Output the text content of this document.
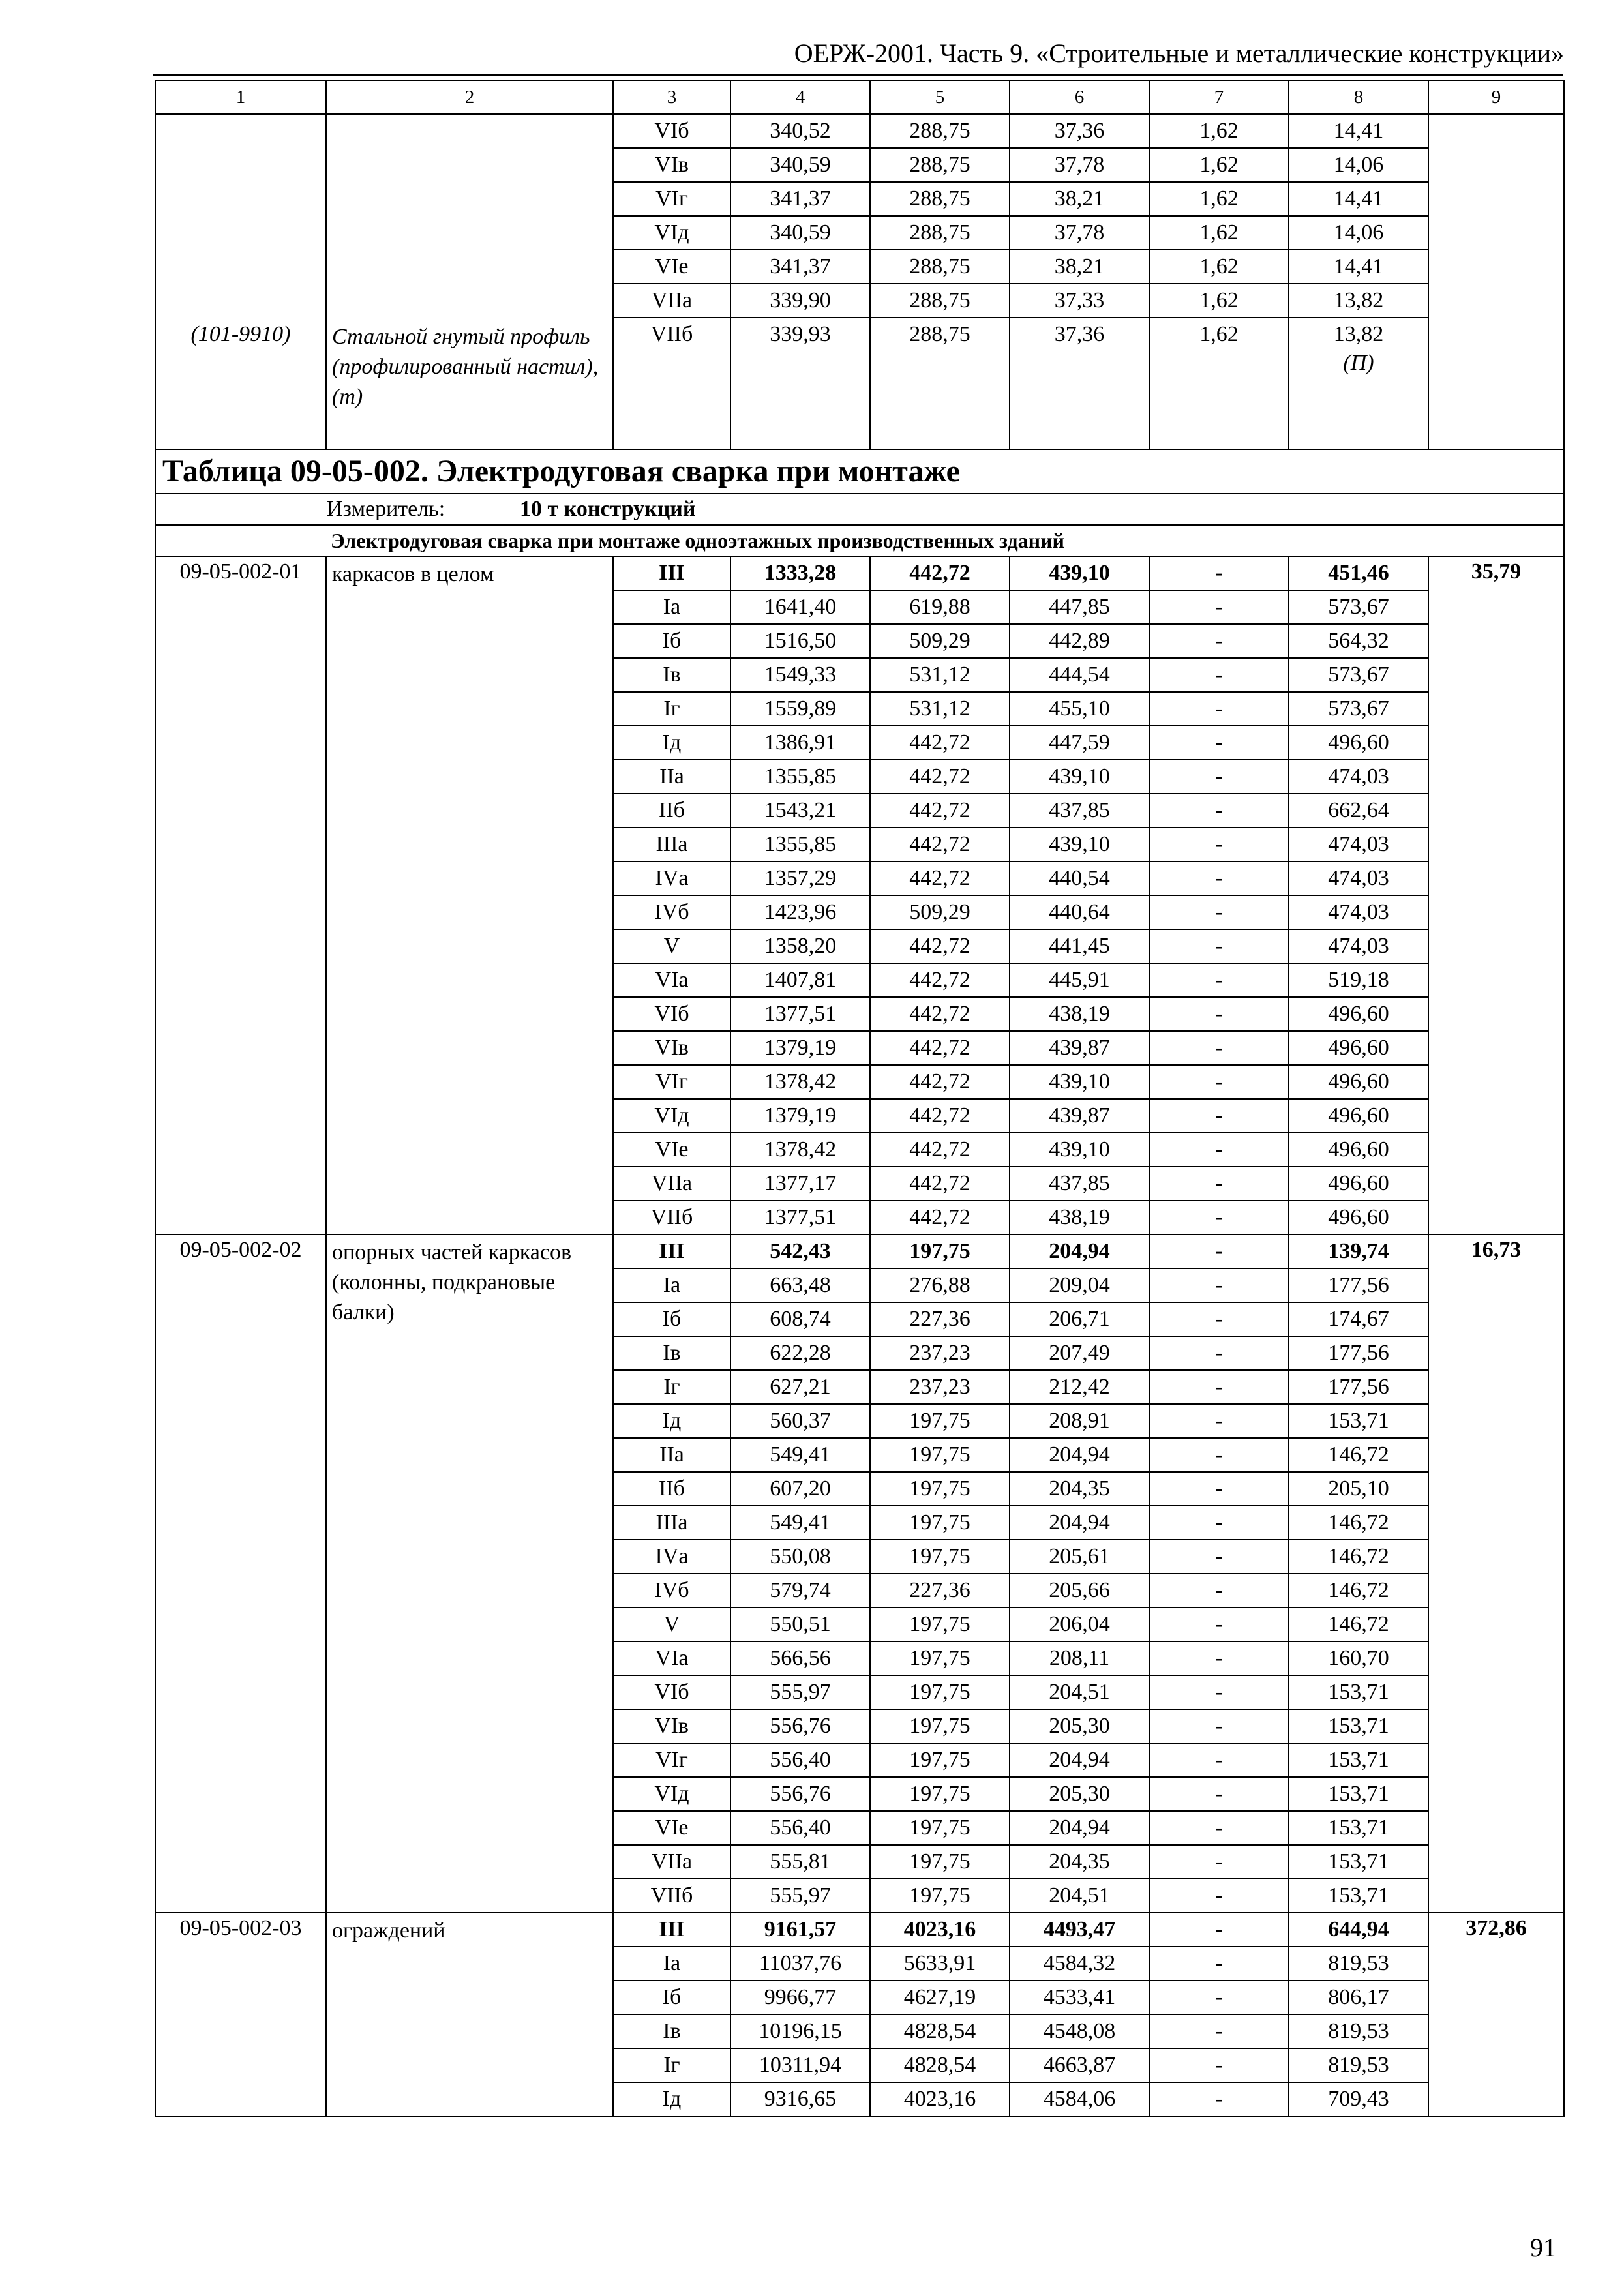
ОЕРЖ-2001. Часть 9. «Строительные и металлические конструкции»
1	2	3	4	5	6	7	8	9

(101-9910)	Стальной гнутый профиль (профилированный настил), (т)	VIб	340,52	288,75	37,36	1,62	14,41	
		VIв	340,59	288,75	37,78	1,62	14,06	
		VIг	341,37	288,75	38,21	1,62	14,41	
		VIд	340,59	288,75	37,78	1,62	14,06	
		VIe	341,37	288,75	38,21	1,62	14,41	
		VIIа	339,90	288,75	37,33	1,62	13,82	
		VIIб	339,93	288,75	37,36	1,62	13,82	
							(П)	
Таблица 09-05-002. Электродуговая сварка при монтаже								
Измеритель: 10 т конструкций								
Электродуговая сварка при монтаже одноэтажных производственных зданий								
09-05-002-01	каркасов в целом	III	1333,28	442,72	439,10	-	451,46	35,79
		Iа	1641,40	619,88	447,85	-	573,67	
		Iб	1516,50	509,29	442,89	-	564,32	
		Iв	1549,33	531,12	444,54	-	573,67	
		Iг	1559,89	531,12	455,10	-	573,67	
		Iд	1386,91	442,72	447,59	-	496,60	
		IIа	1355,85	442,72	439,10	-	474,03	
		IIб	1543,21	442,72	437,85	-	662,64	
		IIIа	1355,85	442,72	439,10	-	474,03	
		IVа	1357,29	442,72	440,54	-	474,03	
		IVб	1423,96	509,29	440,64	-	474,03	
		V	1358,20	442,72	441,45	-	474,03	
		VIа	1407,81	442,72	445,91	-	519,18	
		VIб	1377,51	442,72	438,19	-	496,60	
		VIв	1379,19	442,72	439,87	-	496,60	
		VIг	1378,42	442,72	439,10	-	496,60	
		VIд	1379,19	442,72	439,87	-	496,60	
		VIe	1378,42	442,72	439,10	-	496,60	
		VIIа	1377,17	442,72	437,85	-	496,60	
		VIIб	1377,51	442,72	438,19	-	496,60	
09-05-002-02	опорных частей каркасов (колонны, подкрановые балки)	III	542,43	197,75	204,94	-	139,74	16,73
		Iа	663,48	276,88	209,04	-	177,56	
		Iб	608,74	227,36	206,71	-	174,67	
		Iв	622,28	237,23	207,49	-	177,56	
		Iг	627,21	237,23	212,42	-	177,56	
		Iд	560,37	197,75	208,91	-	153,71	
		IIа	549,41	197,75	204,94	-	146,72	
		IIб	607,20	197,75	204,35	-	205,10	
		IIIа	549,41	197,75	204,94	-	146,72	
		IVа	550,08	197,75	205,61	-	146,72	
		IVб	579,74	227,36	205,66	-	146,72	
		V	550,51	197,75	206,04	-	146,72	
		VIа	566,56	197,75	208,11	-	160,70	
		VIб	555,97	197,75	204,51	-	153,71	
		VIв	556,76	197,75	205,30	-	153,71	
		VIг	556,40	197,75	204,94	-	153,71	
		VIд	556,76	197,75	205,30	-	153,71	
		VIe	556,40	197,75	204,94	-	153,71	
		VIIа	555,81	197,75	204,35	-	153,71	
		VIIб	555,97	197,75	204,51	-	153,71	
09-05-002-03	ограждений	III	9161,57	4023,16	4493,47	-	644,94	372,86
		Iа	11037,76	5633,91	4584,32	-	819,53	
		Iб	9966,77	4627,19	4533,41	-	806,17	
		Iв	10196,15	4828,54	4548,08	-	819,53	
		Iг	10311,94	4828,54	4663,87	-	819,53	
		Iд	9316,65	4023,16	4584,06	-	709,43	
91
